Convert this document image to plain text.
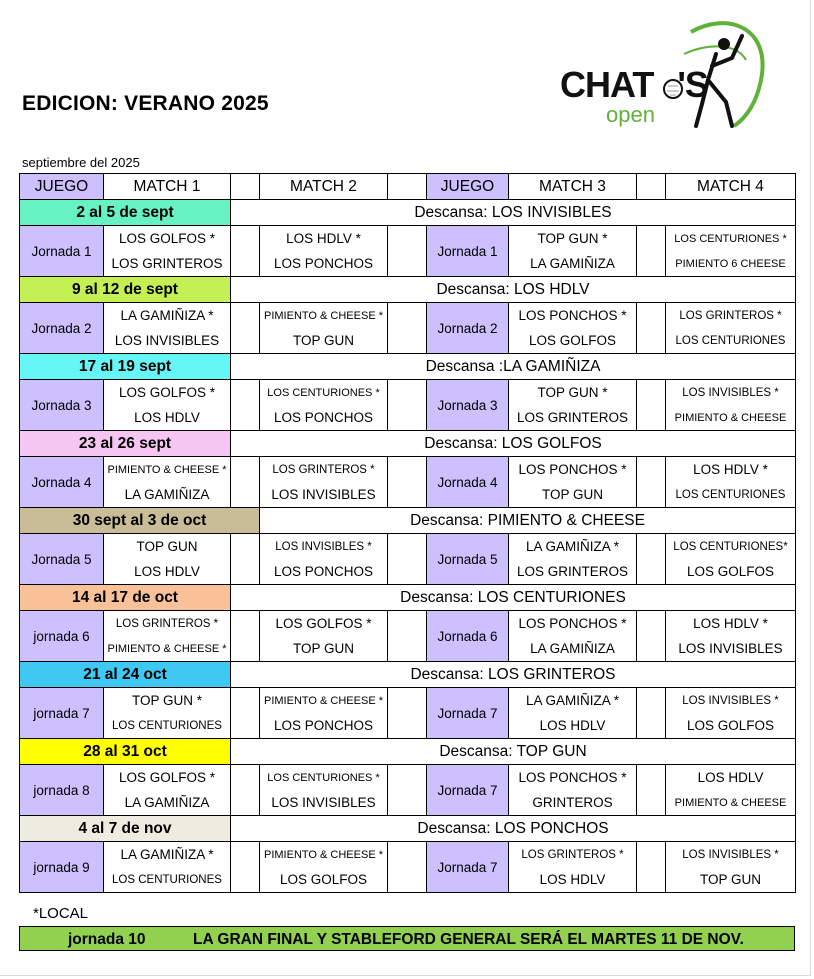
EDICION: VERANO 2025	CHAT 'S
open
septiembre del 2025
JUEGO	MATCH 1		MATCH 2		JUEGO	MATCH 3		MATCH 4
2 al 5 de sept		Descansa: LOS INVISIBLES						
Jornada 1	LOS GOLFOS *		LOS HDLV *		Jornada 1	TOP GUN *		LOS CENTURIONES *
	LOS GRINTEROS		LOS PONCHOS			LA GAMIÑIZA		PIMIENTO 6 CHEESE
9 al 12 de sept		Descansa: LOS HDLV						
Jornada 2	LA GAMIÑIZA *		PIMIENTO & CHEESE *		Jornada 2	LOS PONCHOS *		LOS GRINTEROS *
	LOS INVISIBLES		TOP GUN			LOS GOLFOS		LOS CENTURIONES
17 al 19 sept		Descansa :LA GAMIÑIZA						
Jornada 3	LOS GOLFOS *		LOS CENTURIONES *		Jornada 3	TOP GUN *		LOS INVISIBLES *
	LOS HDLV		LOS PONCHOS			LOS GRINTEROS		PIMIENTO & CHEESE
23 al 26 sept		Descansa: LOS GOLFOS						
Jornada 4	PIMIENTO & CHEESE *		LOS GRINTEROS *		Jornada 4	LOS PONCHOS *		LOS HDLV *
	LA GAMIÑIZA		LOS INVISIBLES			TOP GUN		LOS CENTURIONES
30 sept al 3 de oct			Descansa: PIMIENTO & CHEESE					
Jornada 5	TOP GUN		LOS INVISIBLES *		Jornada 5	LA GAMIÑIZA *		LOS CENTURIONES*
	LOS HDLV		LOS PONCHOS			LOS GRINTEROS		LOS GOLFOS
14 al 17 de oct		Descansa: LOS CENTURIONES						
jornada 6	LOS GRINTEROS *		LOS GOLFOS *		Jornada 6	LOS PONCHOS *		LOS HDLV *
	PIMIENTO & CHEESE *		TOP GUN			LA GAMIÑIZA		LOS INVISIBLES
21 al 24 oct		Descansa: LOS GRINTEROS						
jornada 7	TOP GUN *		PIMIENTO & CHEESE *		Jornada 7	LA GAMIÑIZA *		LOS INVISIBLES *
	LOS CENTURIONES		LOS PONCHOS			LOS HDLV		LOS GOLFOS
28 al 31 oct		Descansa: TOP GUN						
jornada 8	LOS GOLFOS *		LOS CENTURIONES *		Jornada 7	LOS PONCHOS *		LOS HDLV
	LA GAMIÑIZA		LOS INVISIBLES			GRINTEROS		PIMIENTO & CHEESE
4 al 7 de nov		Descansa: LOS PONCHOS						
jornada 9	LA GAMIÑIZA *		PIMIENTO & CHEESE *		Jornada 7	LOS GRINTEROS *		LOS INVISIBLES *
	LOS CENTURIONES		LOS GOLFOS			LOS HDLV		TOP GUN
*LOCAL
jornada 10	LA GRAN FINAL Y STABLEFORD GENERAL SERÁ EL MARTES 11 DE NOV.
